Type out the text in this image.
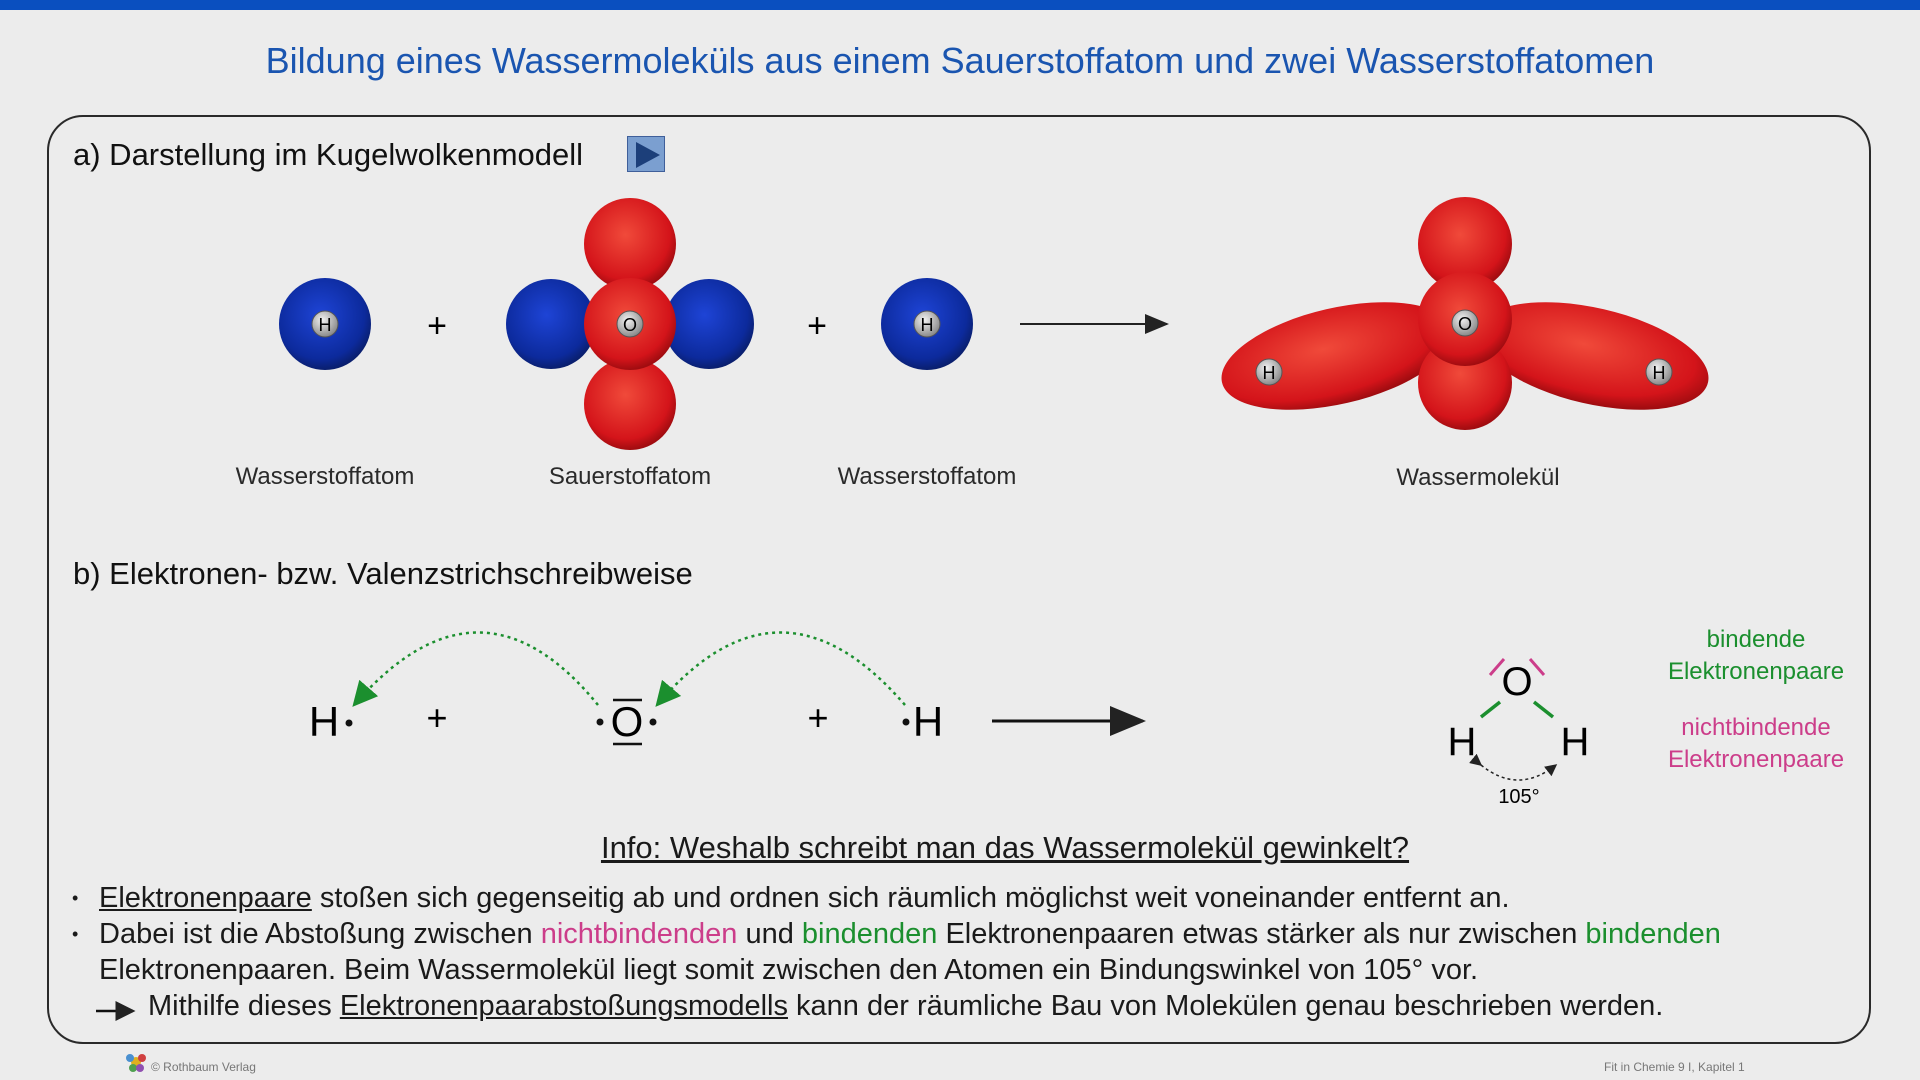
Bildung eines Wassermoleküls aus einem Sauerstoffatom und zwei Wasserstoffatomen
a) Darstellung im Kugelwolkenmodell
H	+	O	+	H	O
H	H
H +	O	+ H
O
H H
105°
Wasserstoffatom	Sauerstoffatom	Wasserstoffatom	Wassermolekül
b) Elektronen- bzw. Valenzstrichschreibweise
bindende
Elektronenpaare
nichtbindende
Elektronenpaare
Info: Weshalb schreibt man das Wassermolekül gewinkelt?
• Elektronenpaare stoßen sich gegenseitig ab und ordnen sich räumlich möglichst weit voneinander entfernt an.
• Dabei ist die Abstoßung zwischen nichtbindenden und bindenden Elektronenpaaren etwas stärker als nur zwischen bindenden
Elektronenpaaren. Beim Wassermolekül liegt somit zwischen den Atomen ein Bindungswinkel von 105° vor.
Mithilfe dieses Elektronenpaarabstoßungsmodells kann der räumliche Bau von Molekülen genau beschrieben werden.
© Rothbaum Verlag	Fit in Chemie 9 I, Kapitel 1
